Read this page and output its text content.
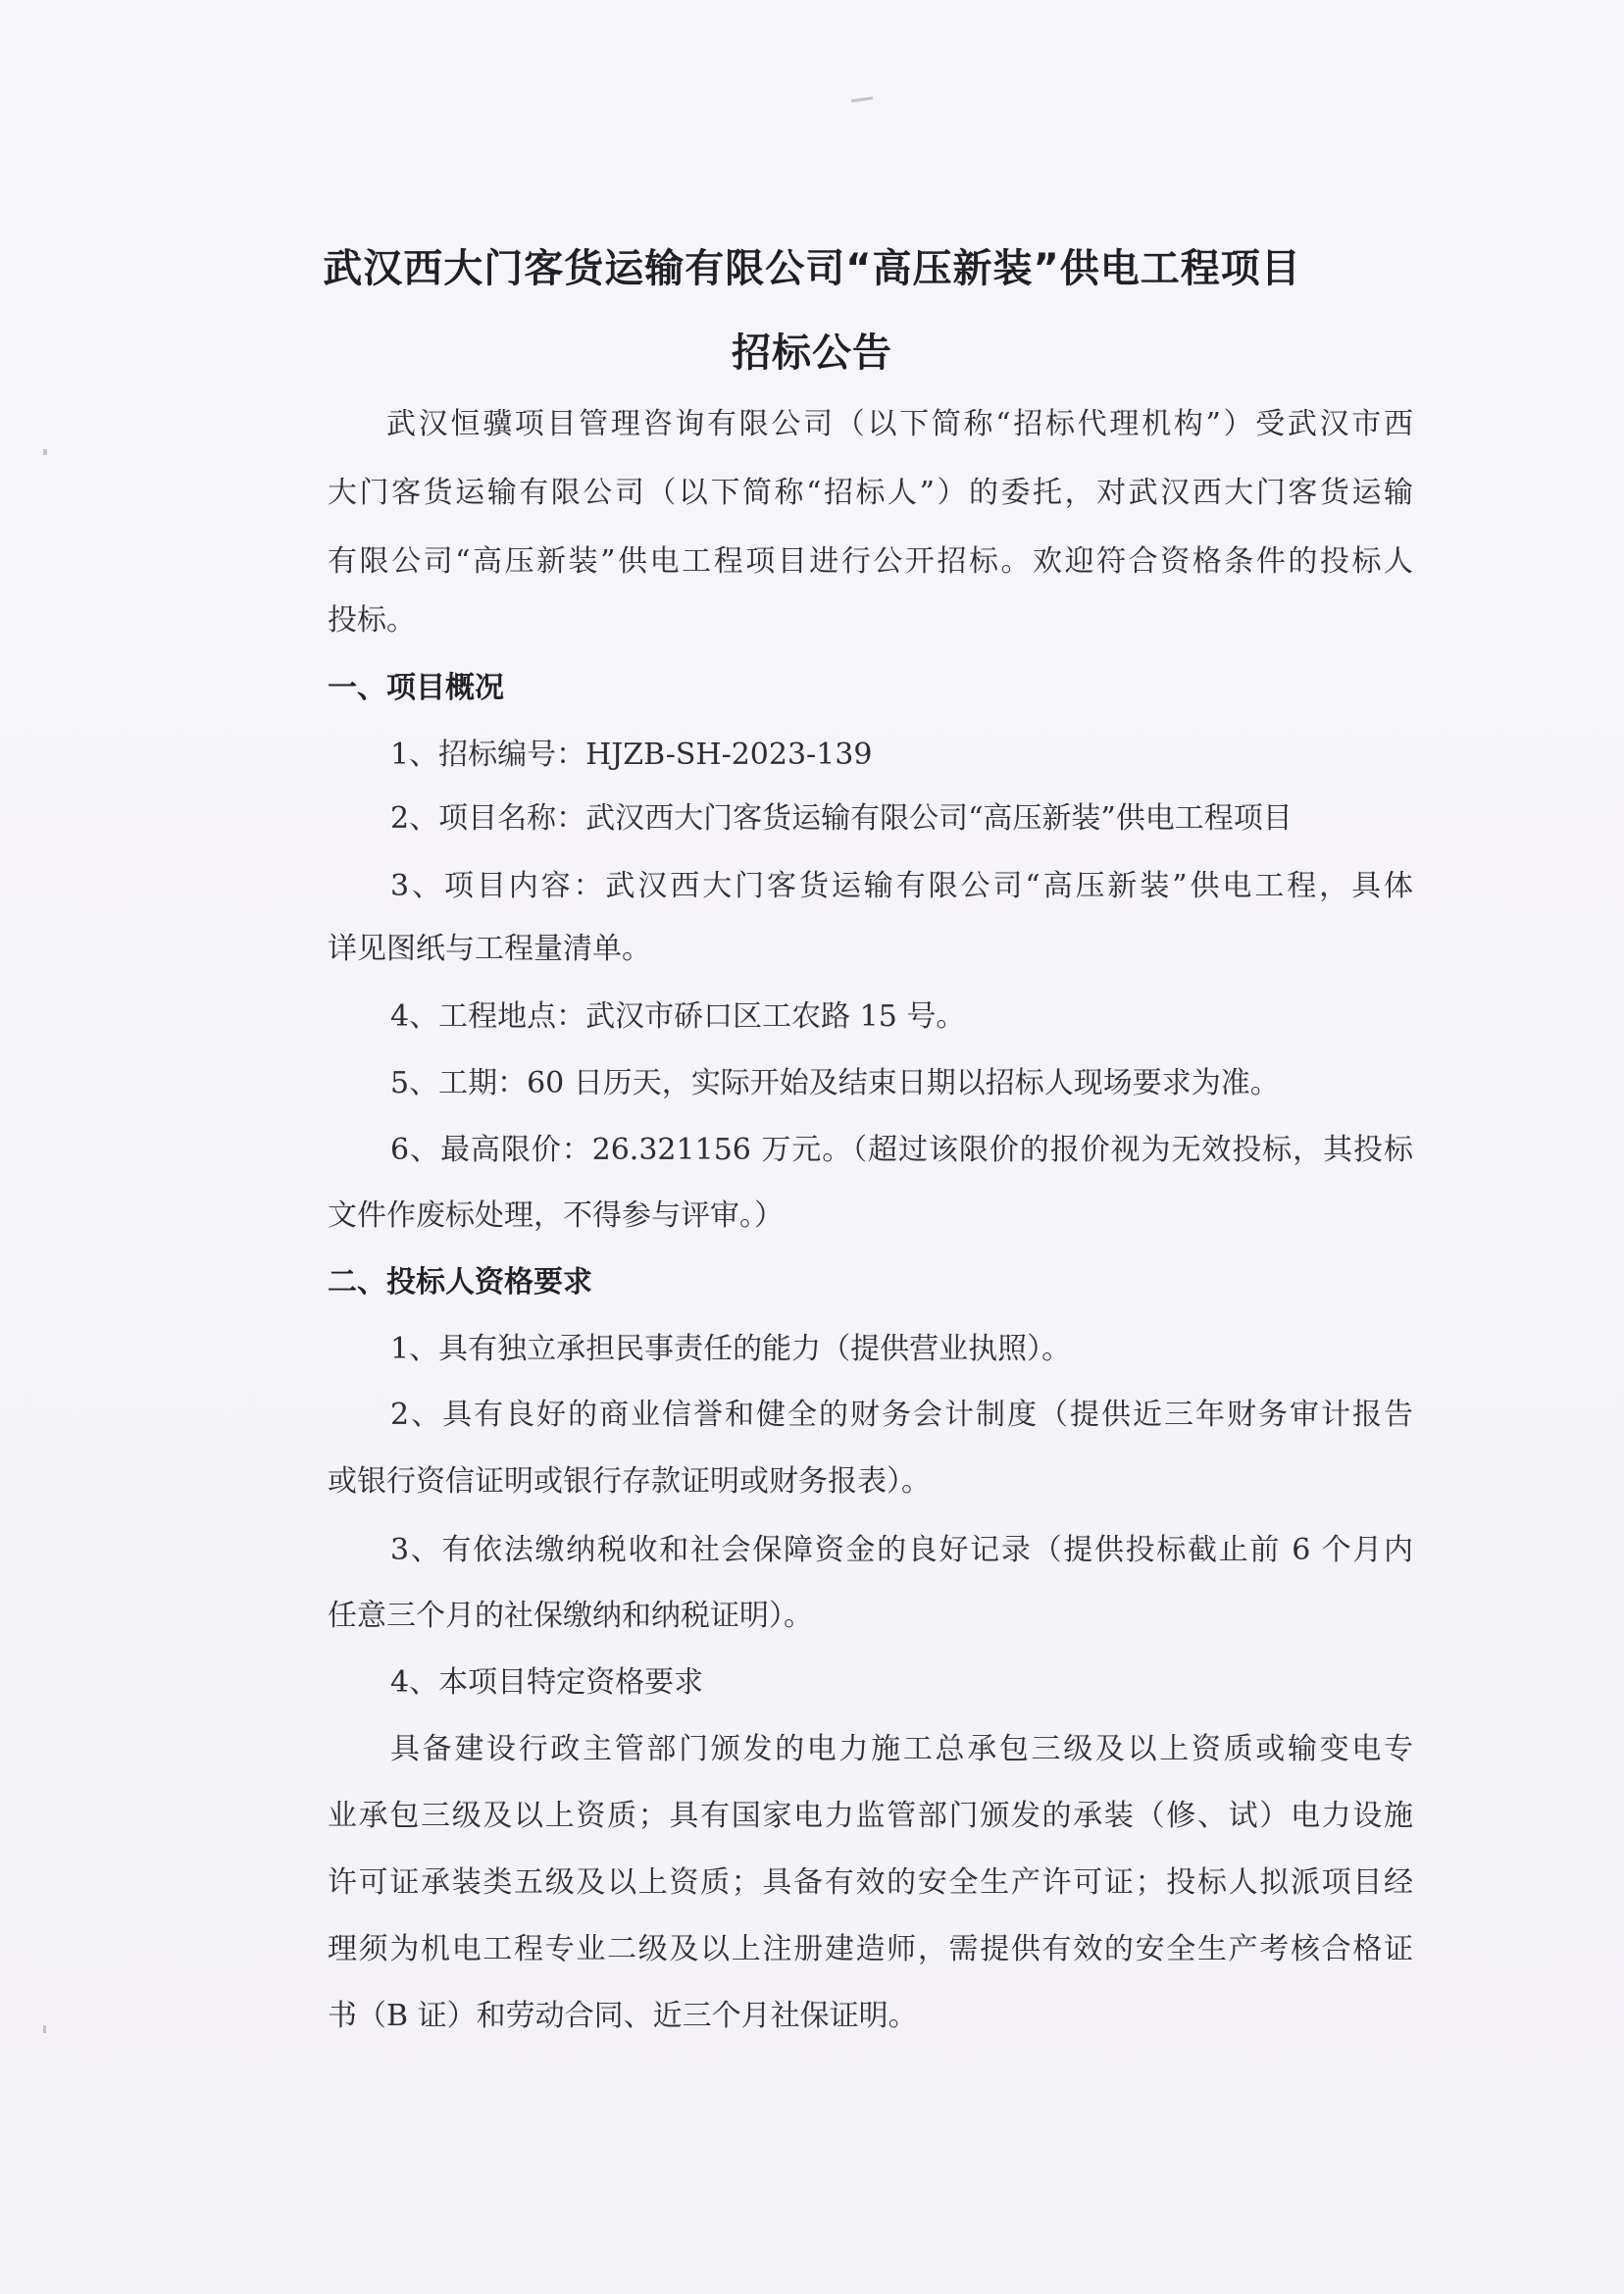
武汉西大门客货运输有限公司“高压新装”供电工程项目
招标公告
武汉恒骥项目管理咨询有限公司（以下简称“招标代理机构”）受武汉市西
大门客货运输有限公司（以下简称“招标人”）的委托，对武汉西大门客货运输
有限公司“高压新装”供电工程项目进行公开招标。欢迎符合资格条件的投标人
投标。
一、项目概况
1、招标编号：HJZB-SH-2023-139
2、项目名称：武汉西大门客货运输有限公司“高压新装”供电工程项目
3、项目内容：武汉西大门客货运输有限公司“高压新装”供电工程，具体
详见图纸与工程量清单。
4、工程地点：武汉市硚口区工农路 15 号。
5、工期：60 日历天，实际开始及结束日期以招标人现场要求为准。
6、最高限价：26.321156 万元。（超过该限价的报价视为无效投标，其投标
文件作废标处理，不得参与评审。）
二、投标人资格要求
1、具有独立承担民事责任的能力（提供营业执照）。
2、具有良好的商业信誉和健全的财务会计制度（提供近三年财务审计报告
或银行资信证明或银行存款证明或财务报表）。
3、有依法缴纳税收和社会保障资金的良好记录（提供投标截止前 6 个月内
任意三个月的社保缴纳和纳税证明）。
4、本项目特定资格要求
具备建设行政主管部门颁发的电力施工总承包三级及以上资质或输变电专
业承包三级及以上资质；具有国家电力监管部门颁发的承装（修、试）电力设施
许可证承装类五级及以上资质；具备有效的安全生产许可证；投标人拟派项目经
理须为机电工程专业二级及以上注册建造师，需提供有效的安全生产考核合格证
书（B 证）和劳动合同、近三个月社保证明。
